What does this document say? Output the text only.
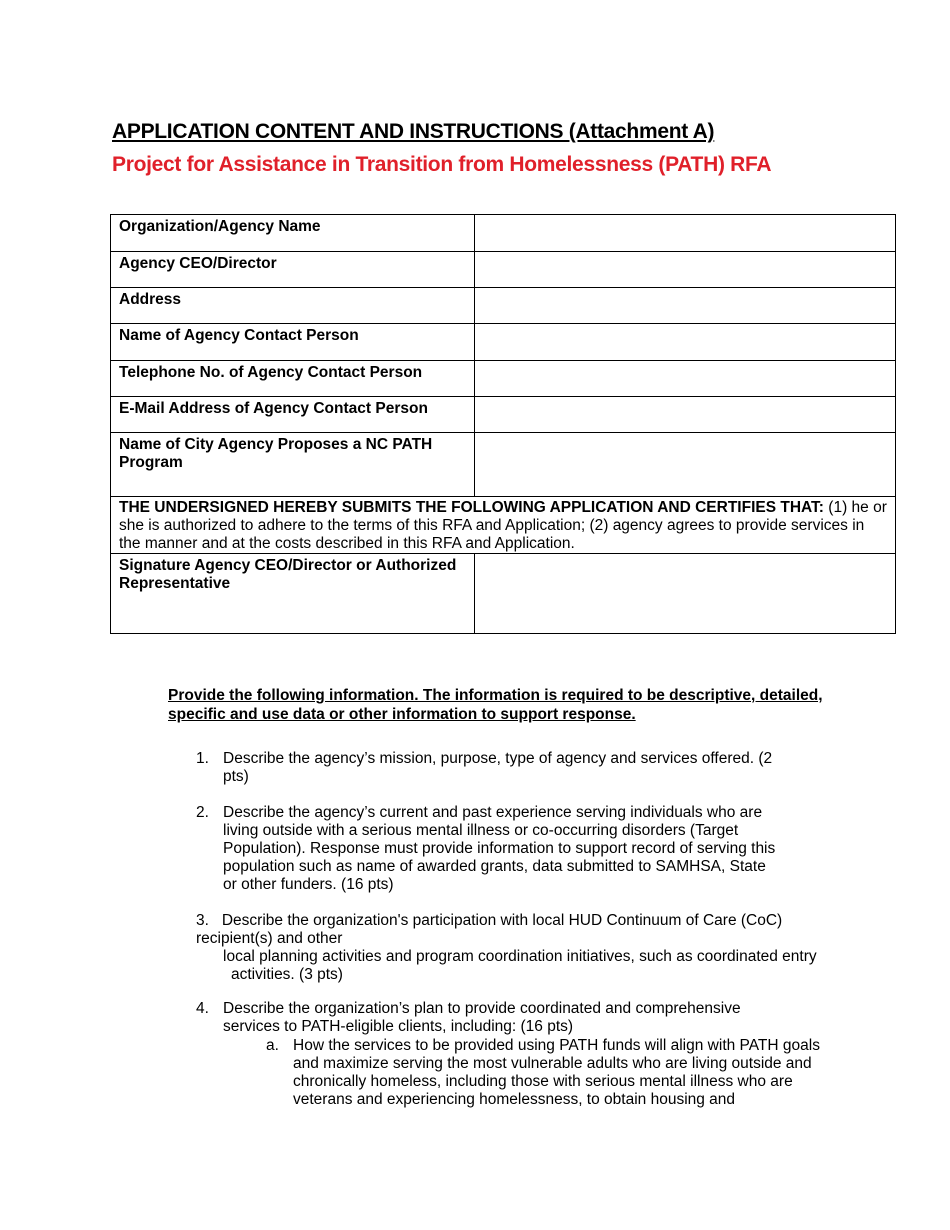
APPLICATION CONTENT AND INSTRUCTIONS (Attachment A)
Project for Assistance in Transition from Homelessness (PATH) RFA
Organization/Agency Name	
Agency CEO/Director	
Address	
Name of Agency Contact Person	
Telephone No. of Agency Contact Person	
E-Mail Address of Agency Contact Person	
Name of City Agency Proposes a NC PATH Program	
THE UNDERSIGNED HEREBY SUBMITS THE FOLLOWING APPLICATION AND CERTIFIES THAT: (1) he or she is authorized to adhere to the terms of this RFA and Application; (2) agency agrees to provide services in the manner and at the costs described in this RFA and Application.	
Signature Agency CEO/Director or Authorized Representative	
Provide the following information. The information is required to be descriptive, detailed, specific and use data or other information to support response.
1. Describe the agency’s mission, purpose, type of agency and services offered. (2 pts)
2. Describe the agency’s current and past experience serving individuals who are living outside with a serious mental illness or co-occurring disorders (Target Population). Response must provide information to support record of serving this population such as name of awarded grants, data submitted to SAMHSA, State or other funders. (16 pts)
3. Describe the organization's participation with local HUD Continuum of Care (CoC)
recipient(s) and other
local planning activities and program coordination initiatives, such as coordinated entry
activities. (3 pts)
4. Describe the organization’s plan to provide coordinated and comprehensive services to PATH-eligible clients, including: (16 pts)
a. How the services to be provided using PATH funds will align with PATH goals and maximize serving the most vulnerable adults who are living outside and chronically homeless, including those with serious mental illness who are veterans and experiencing homelessness, to obtain housing and
